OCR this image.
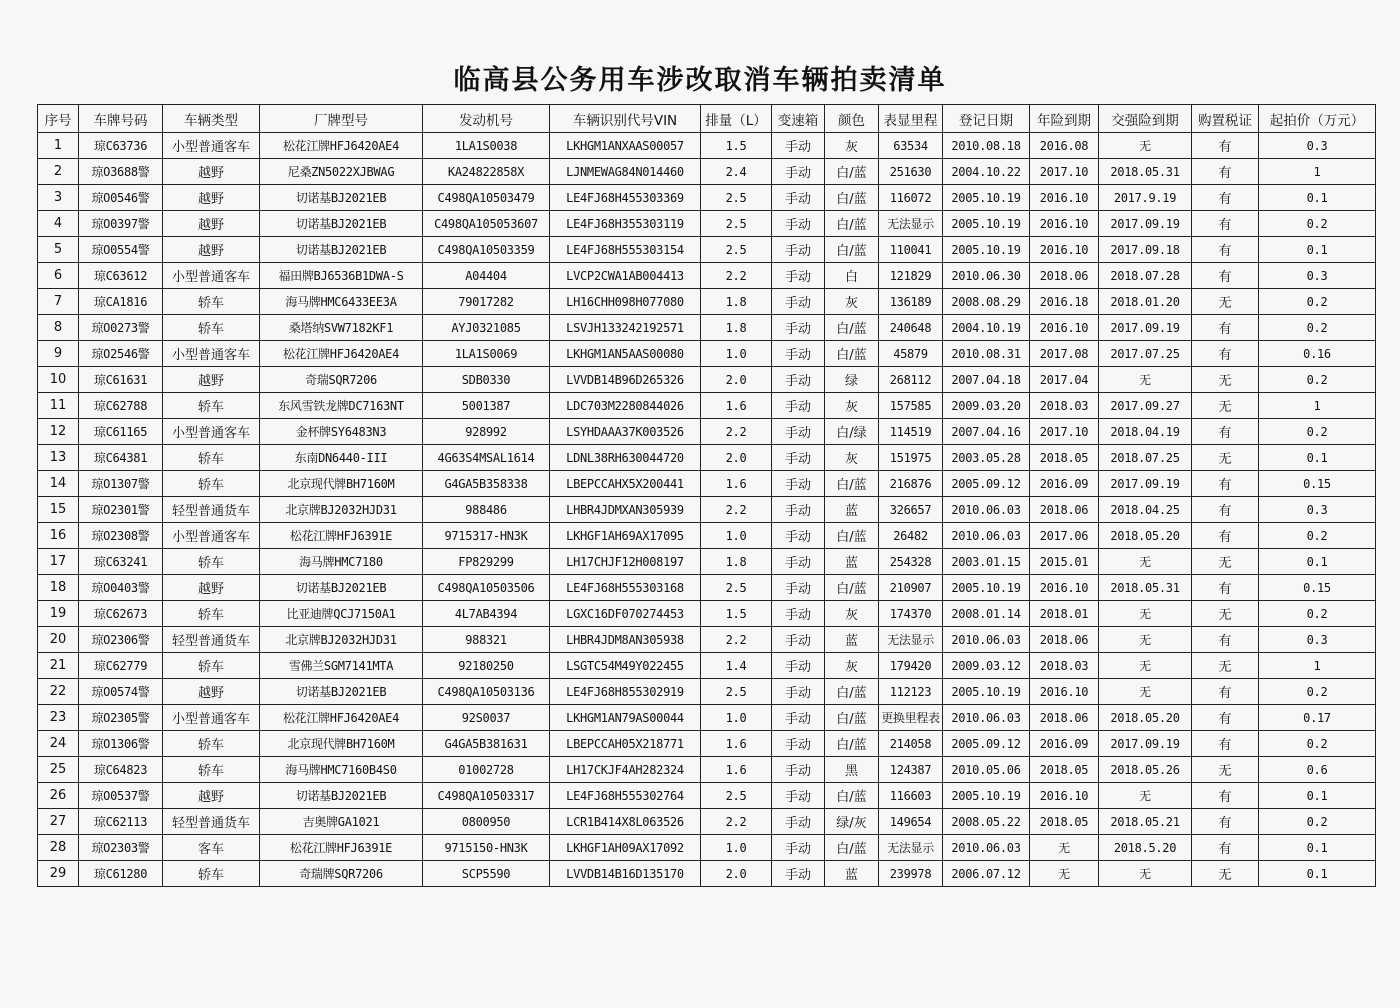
临高县公务用车涉改取消车辆拍卖清单
序号	车牌号码	车辆类型	厂牌型号	发动机号	车辆识别代号VIN	排量（L）	变速箱	颜色	表显里程	登记日期	年险到期	交强险到期	购置税证	起拍价（万元）
1	琼C63736	小型普通客车	松花江牌HFJ6420AE4	1LA1S0038	LKHGM1ANXAAS00057	1.5	手动	灰	63534	2010.08.18	2016.08	无	有	0.3
2	琼O3688警	越野	尼桑ZN5022XJBWAG	KA24822858X	LJNMEWAG84N014460	2.4	手动	白/蓝	251630	2004.10.22	2017.10	2018.05.31	有	1
3	琼O0546警	越野	切诺基BJ2021EB	C498QA10503479	LE4FJ68H455303369	2.5	手动	白/蓝	116072	2005.10.19	2016.10	2017.9.19	有	0.1
4	琼O0397警	越野	切诺基BJ2021EB	C498QA105053607	LE4FJ68H355303119	2.5	手动	白/蓝	无法显示	2005.10.19	2016.10	2017.09.19	有	0.2
5	琼O0554警	越野	切诺基BJ2021EB	C498QA10503359	LE4FJ68H555303154	2.5	手动	白/蓝	110041	2005.10.19	2016.10	2017.09.18	有	0.1
6	琼C63612	小型普通客车	福田牌BJ6536B1DWA-S	A04404	LVCP2CWA1AB004413	2.2	手动	白	121829	2010.06.30	2018.06	2018.07.28	有	0.3
7	琼CA1816	轿车	海马牌HMC6433EE3A	79017282	LH16CHH098H077080	1.8	手动	灰	136189	2008.08.29	2016.18	2018.01.20	无	0.2
8	琼O0273警	轿车	桑塔纳SVW7182KF1	AYJ0321085	LSVJH133242192571	1.8	手动	白/蓝	240648	2004.10.19	2016.10	2017.09.19	有	0.2
9	琼O2546警	小型普通客车	松花江牌HFJ6420AE4	1LA1S0069	LKHGM1AN5AAS00080	1.0	手动	白/蓝	45879	2010.08.31	2017.08	2017.07.25	有	0.16
10	琼C61631	越野	奇瑞SQR7206	SDB0330	LVVDB14B96D265326	2.0	手动	绿	268112	2007.04.18	2017.04	无	无	0.2
11	琼C62788	轿车	东风雪铁龙牌DC7163NT	5001387	LDC703M2280844026	1.6	手动	灰	157585	2009.03.20	2018.03	2017.09.27	无	1
12	琼C61165	小型普通客车	金杯牌SY6483N3	928992	LSYHDAAA37K003526	2.2	手动	白/绿	114519	2007.04.16	2017.10	2018.04.19	有	0.2
13	琼C64381	轿车	东南DN6440-III	4G63S4MSAL1614	LDNL38RH630044720	2.0	手动	灰	151975	2003.05.28	2018.05	2018.07.25	无	0.1
14	琼O1307警	轿车	北京现代牌BH7160M	G4GA5B358338	LBEPCCAHX5X200441	1.6	手动	白/蓝	216876	2005.09.12	2016.09	2017.09.19	有	0.15
15	琼O2301警	轻型普通货车	北京牌BJ2032HJD31	988486	LHBR4JDMXAN305939	2.2	手动	蓝	326657	2010.06.03	2018.06	2018.04.25	有	0.3
16	琼O2308警	小型普通客车	松花江牌HFJ6391E	9715317-HN3K	LKHGF1AH69AX17095	1.0	手动	白/蓝	26482	2010.06.03	2017.06	2018.05.20	有	0.2
17	琼C63241	轿车	海马牌HMC7180	FP829299	LH17CHJF12H008197	1.8	手动	蓝	254328	2003.01.15	2015.01	无	无	0.1
18	琼O0403警	越野	切诺基BJ2021EB	C498QA10503506	LE4FJ68H555303168	2.5	手动	白/蓝	210907	2005.10.19	2016.10	2018.05.31	有	0.15
19	琼C62673	轿车	比亚迪牌QCJ7150A1	4L7AB4394	LGXC16DF070274453	1.5	手动	灰	174370	2008.01.14	2018.01	无	无	0.2
20	琼O2306警	轻型普通货车	北京牌BJ2032HJD31	988321	LHBR4JDM8AN305938	2.2	手动	蓝	无法显示	2010.06.03	2018.06	无	有	0.3
21	琼C62779	轿车	雪佛兰SGM7141MTA	92180250	LSGTC54M49Y022455	1.4	手动	灰	179420	2009.03.12	2018.03	无	无	1
22	琼O0574警	越野	切诺基BJ2021EB	C498QA10503136	LE4FJ68H855302919	2.5	手动	白/蓝	112123	2005.10.19	2016.10	无	有	0.2
23	琼O2305警	小型普通客车	松花江牌HFJ6420AE4	92S0037	LKHGM1AN79AS00044	1.0	手动	白/蓝	更换里程表	2010.06.03	2018.06	2018.05.20	有	0.17
24	琼O1306警	轿车	北京现代牌BH7160M	G4GA5B381631	LBEPCCAH05X218771	1.6	手动	白/蓝	214058	2005.09.12	2016.09	2017.09.19	有	0.2
25	琼C64823	轿车	海马牌HMC7160B4S0	01002728	LH17CKJF4AH282324	1.6	手动	黑	124387	2010.05.06	2018.05	2018.05.26	无	0.6
26	琼O0537警	越野	切诺基BJ2021EB	C498QA10503317	LE4FJ68H555302764	2.5	手动	白/蓝	116603	2005.10.19	2016.10	无	有	0.1
27	琼C62113	轻型普通货车	吉奥牌GA1021	0800950	LCR1B414X8L063526	2.2	手动	绿/灰	149654	2008.05.22	2018.05	2018.05.21	有	0.2
28	琼O2303警	客车	松花江牌HFJ6391E	9715150-HN3K	LKHGF1AH09AX17092	1.0	手动	白/蓝	无法显示	2010.06.03	无	2018.5.20	有	0.1
29	琼C61280	轿车	奇瑞牌SQR7206	SCP5590	LVVDB14B16D135170	2.0	手动	蓝	239978	2006.07.12	无	无	无	0.1
